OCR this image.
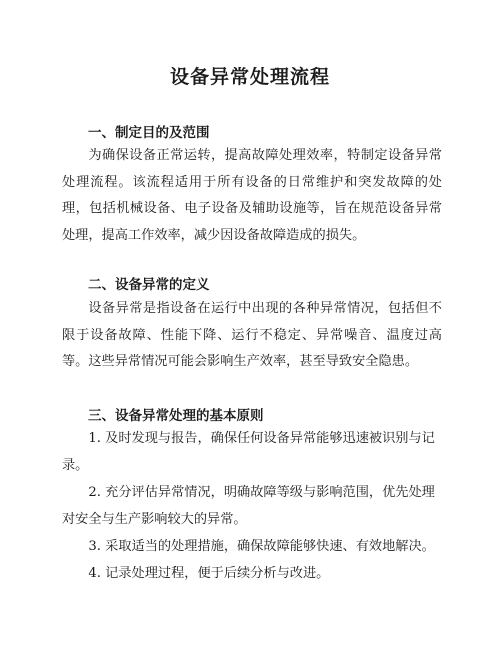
设备异常处理流程
一、制定目的及范围

为确保设备正常运转，提高故障处理效率，特制定设备异常处理流程。该流程适用于所有设备的日常维护和突发故障的处理，包括机械设备、电子设备及辅助设施等，旨在规范设备异常处理，提高工作效率，减少因设备故障造成的损失。

二、设备异常的定义

设备异常是指设备在运行中出现的各种异常情况，包括但不限于设备故障、性能下降、运行不稳定、异常噪音、温度过高等。这些异常情况可能会影响生产效率，甚至导致安全隐患。

三、设备异常处理的基本原则

1. 及时发现与报告，确保任何设备异常能够迅速被识别与记录。

2. 充分评估异常情况，明确故障等级与影响范围，优先处理对安全与生产影响较大的异常。

3. 采取适当的处理措施，确保故障能够快速、有效地解决。

4. 记录处理过程，便于后续分析与改进。
